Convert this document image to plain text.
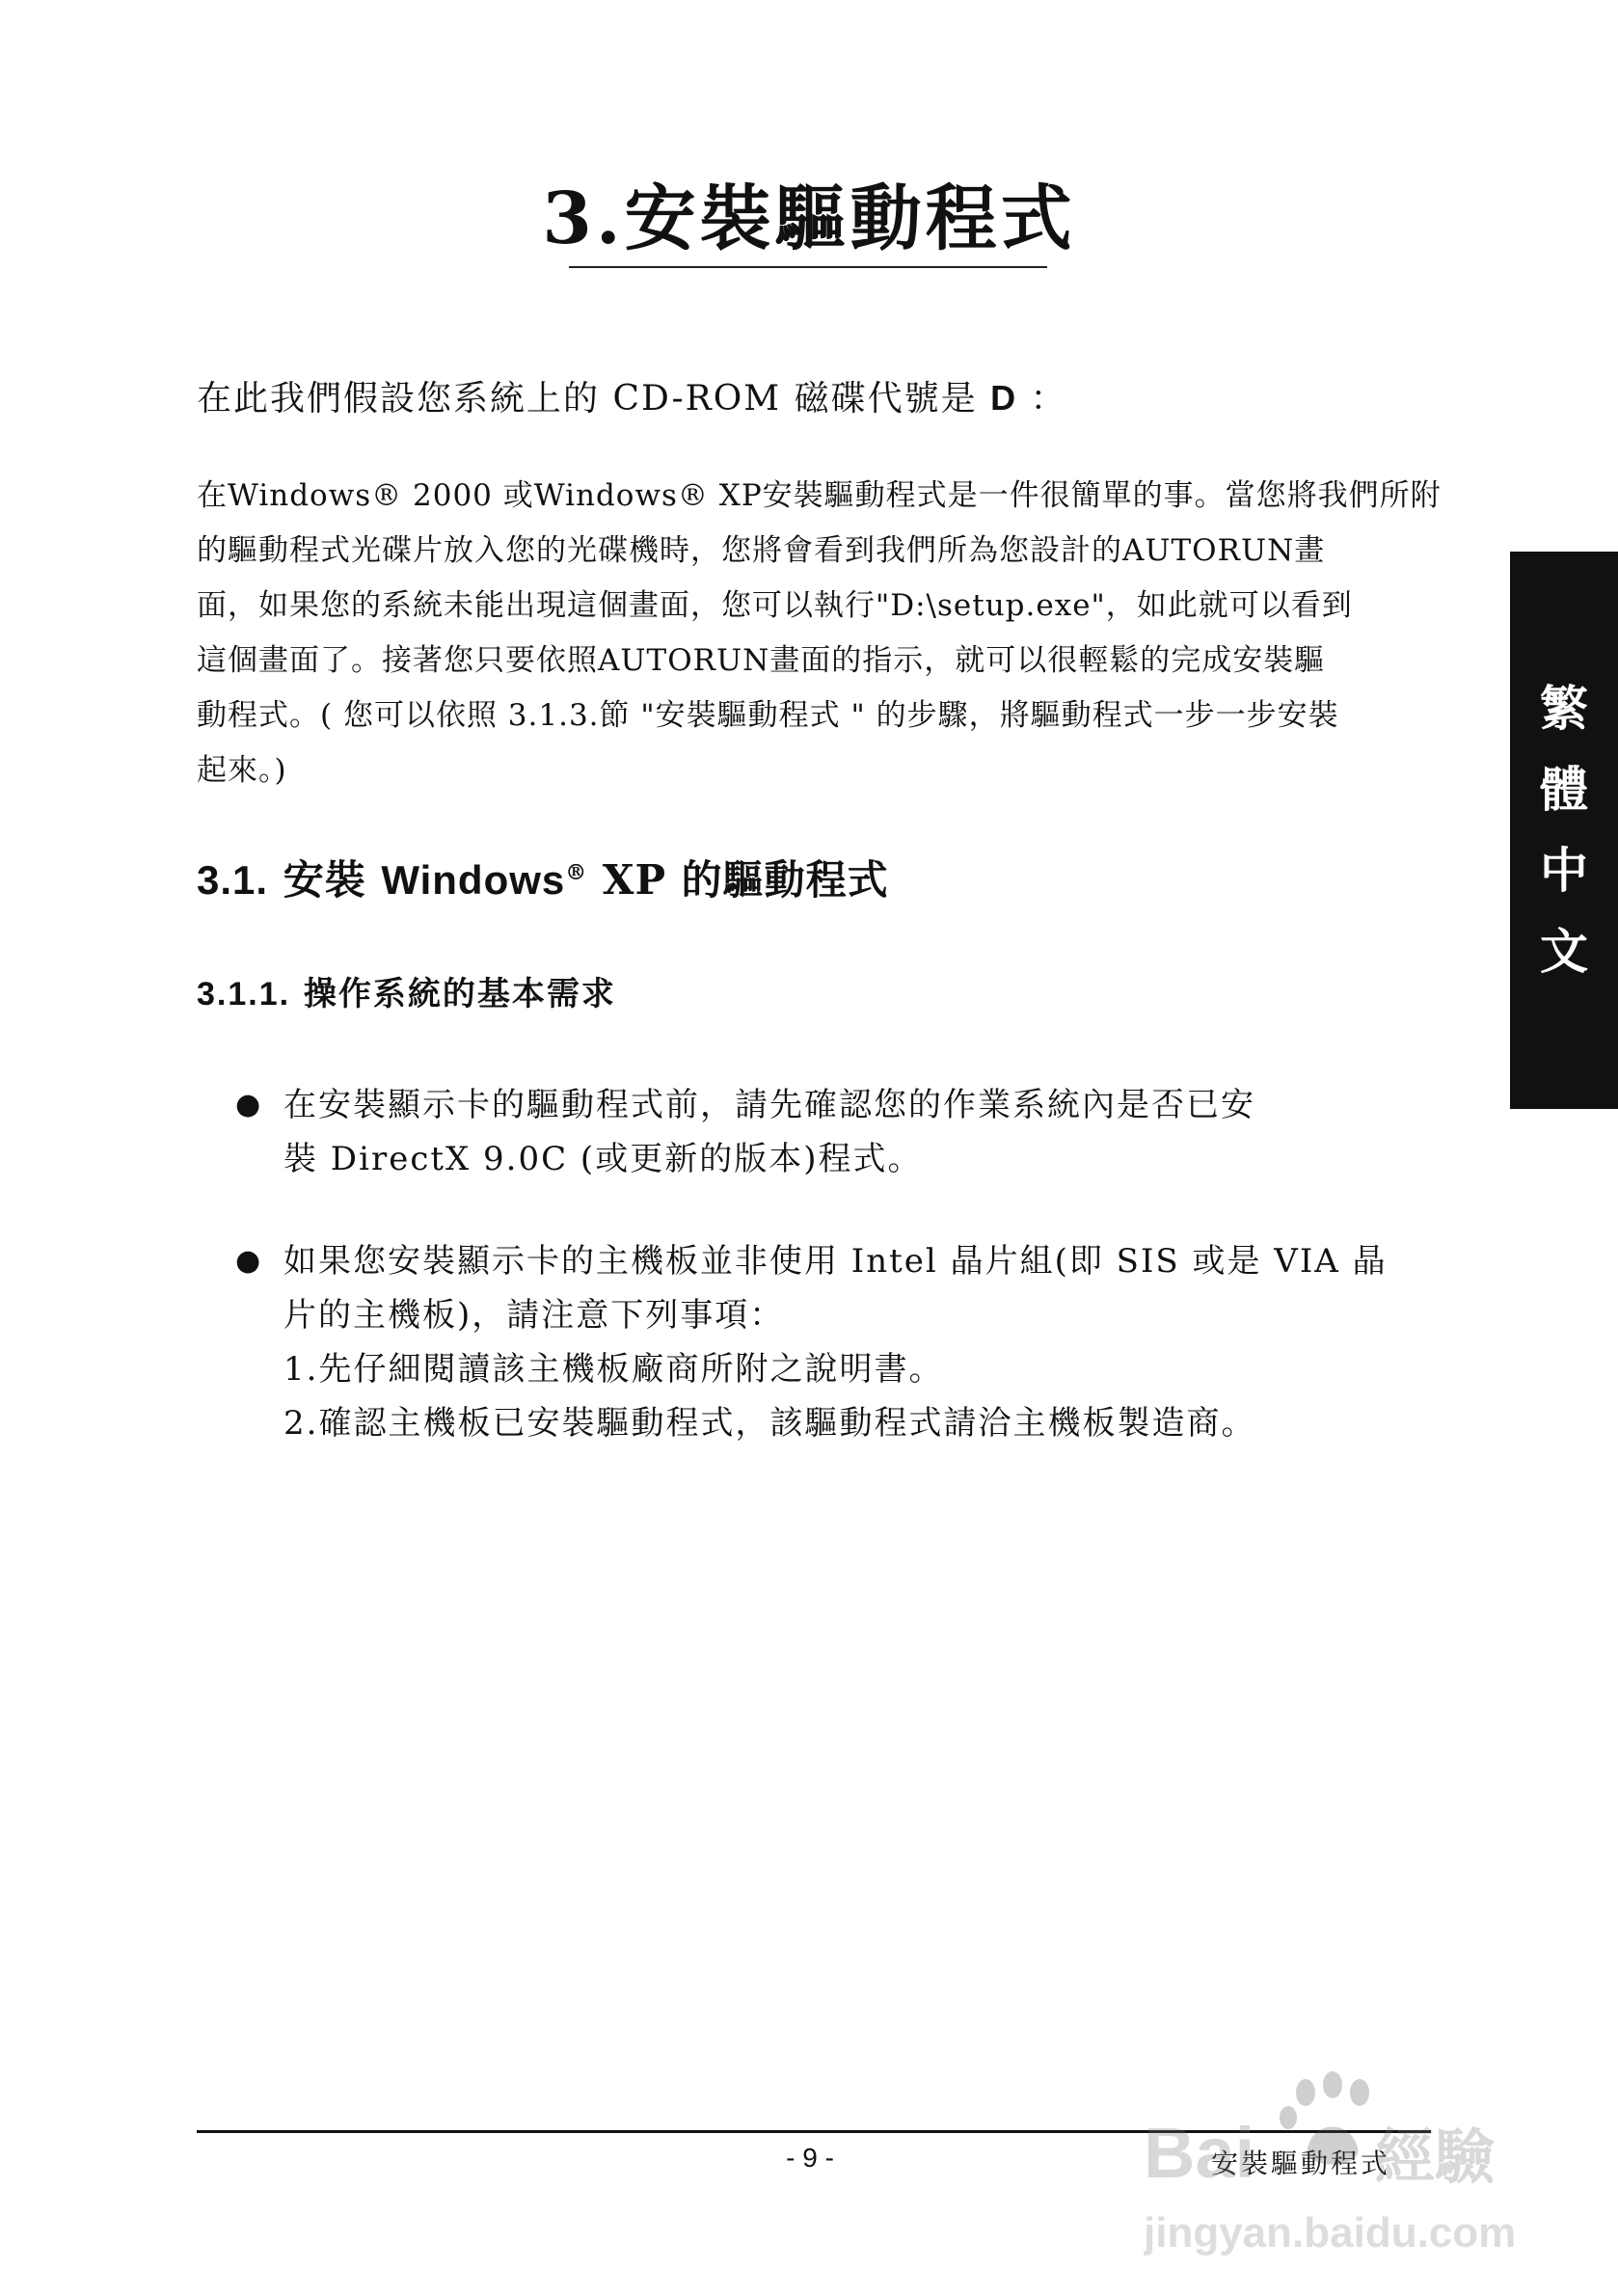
3.安裝驅動程式
在此我們假設您系統上的 CD-ROM 磁碟代號是 D ：
在Windows® 2000 或Windows® XP安裝驅動程式是一件很簡單的事。當您將我們所附
的驅動程式光碟片放入您的光碟機時，您將會看到我們所為您設計的AUTORUN畫
面，如果您的系統未能出現這個畫面，您可以執行"D:\setup.exe"，如此就可以看到
這個畫面了。接著您只要依照AUTORUN畫面的指示，就可以很輕鬆的完成安裝驅
動程式。( 您可以依照 3.1.3.節 "安裝驅動程式 " 的步驟，將驅動程式一步一步安裝
起來。)
3.1. 安裝 Windows® XP 的驅動程式
3.1.1. 操作系統的基本需求
● 在安裝顯示卡的驅動程式前，請先確認您的作業系統內是否已安
裝 DirectX 9.0C (或更新的版本)程式。
● 如果您安裝顯示卡的主機板並非使用 Intel 晶片組(即 SIS 或是 VIA 晶
片的主機板)，請注意下列事項：
1.先仔細閱讀該主機板廠商所附之說明書。
2.確認主機板已安裝驅動程式，該驅動程式請洽主機板製造商。
繁
體
中
文
- 9 -	安裝驅動程式
Bai 經驗
jingyan.baidu.com
